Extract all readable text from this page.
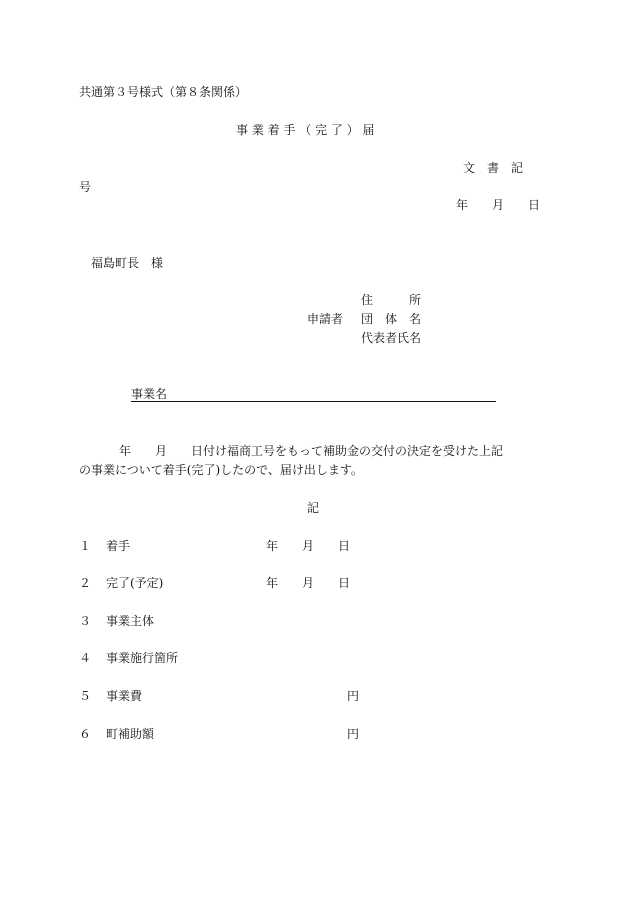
共通第３号様式（第８条関係）
事 業 着 手 （ 完 了 ） 届
文　書　記
号
年　　月　　日
福島町長　様
住　　　所
申請者 団　体　名
代表者氏名
事業名
年　　月　　日付け福商工号をもって補助金の交付の決定を受けた上記
の事業について着手(完了)したので、届け出します。
記
１ 着手	年　　月　　日
２ 完了(予定)	年　　月　　日
３ 事業主体
４ 事業施行箇所
５ 事業費	円
６ 町補助額	円
